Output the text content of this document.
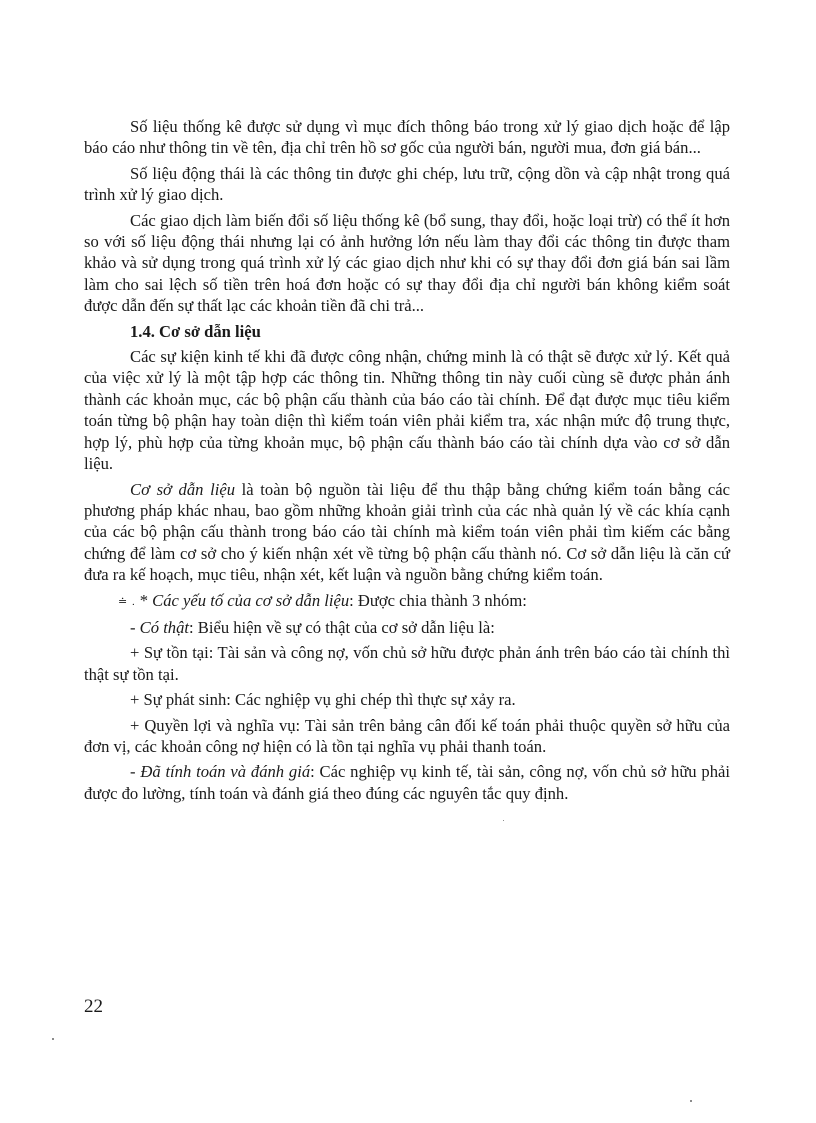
Số liệu thống kê được sử dụng vì mục đích thông báo trong xử lý giao dịch hoặc để lập báo cáo như thông tin về tên, địa chỉ trên hồ sơ gốc của người bán, người mua, đơn giá bán...

Số liệu động thái là các thông tin được ghi chép, lưu trữ, cộng dồn và cập nhật trong quá trình xử lý giao dịch.

Các giao dịch làm biến đổi số liệu thống kê (bổ sung, thay đổi, hoặc loại trừ) có thể ít hơn so với số liệu động thái nhưng lại có ảnh hưởng lớn nếu làm thay đổi các thông tin được tham khảo và sử dụng trong quá trình xử lý các giao dịch như khi có sự thay đổi đơn giá bán sai lầm làm cho sai lệch số tiền trên hoá đơn hoặc có sự thay đổi địa chỉ người bán không kiểm soát được dẫn đến sự thất lạc các khoản tiền đã chi trả...

1.4. Cơ sở dẫn liệu

Các sự kiện kinh tế khi đã được công nhận, chứng minh là có thật sẽ được xử lý. Kết quả của việc xử lý là một tập hợp các thông tin. Những thông tin này cuối cùng sẽ được phản ánh thành các khoản mục, các bộ phận cấu thành của báo cáo tài chính. Để đạt được mục tiêu kiểm toán từng bộ phận hay toàn diện thì kiểm toán viên phải kiểm tra, xác nhận mức độ trung thực, hợp lý, phù hợp của từng khoản mục, bộ phận cấu thành báo cáo tài chính dựa vào cơ sở dẫn liệu.

Cơ sở dẫn liệu là toàn bộ nguồn tài liệu để thu thập bằng chứng kiểm toán bằng các phương pháp khác nhau, bao gồm những khoản giải trình của các nhà quản lý về các khía cạnh của các bộ phận cấu thành trong báo cáo tài chính mà kiểm toán viên phải tìm kiếm các bằng chứng để làm cơ sở cho ý kiến nhận xét về từng bộ phận cấu thành nó. Cơ sở dẫn liệu là căn cứ đưa ra kế hoạch, mục tiêu, nhận xét, kết luận và nguồn bằng chứng kiểm toán.

≐ . * Các yếu tố của cơ sở dẫn liệu: Được chia thành 3 nhóm:

- Có thật: Biểu hiện về sự có thật của cơ sở dẫn liệu là:

+ Sự tồn tại: Tài sản và công nợ, vốn chủ sở hữu được phản ánh trên báo cáo tài chính thì thật sự tồn tại.

+ Sự phát sinh: Các nghiệp vụ ghi chép thì thực sự xảy ra.

+ Quyền lợi và nghĩa vụ: Tài sản trên bảng cân đối kế toán phải thuộc quyền sở hữu của đơn vị, các khoản công nợ hiện có là tồn tại nghĩa vụ phải thanh toán.

- Đã tính toán và đánh giá: Các nghiệp vụ kinh tế, tài sản, công nợ, vốn chủ sở hữu phải được đo lường, tính toán và đánh giá theo đúng các nguyên tắc quy định.

22
